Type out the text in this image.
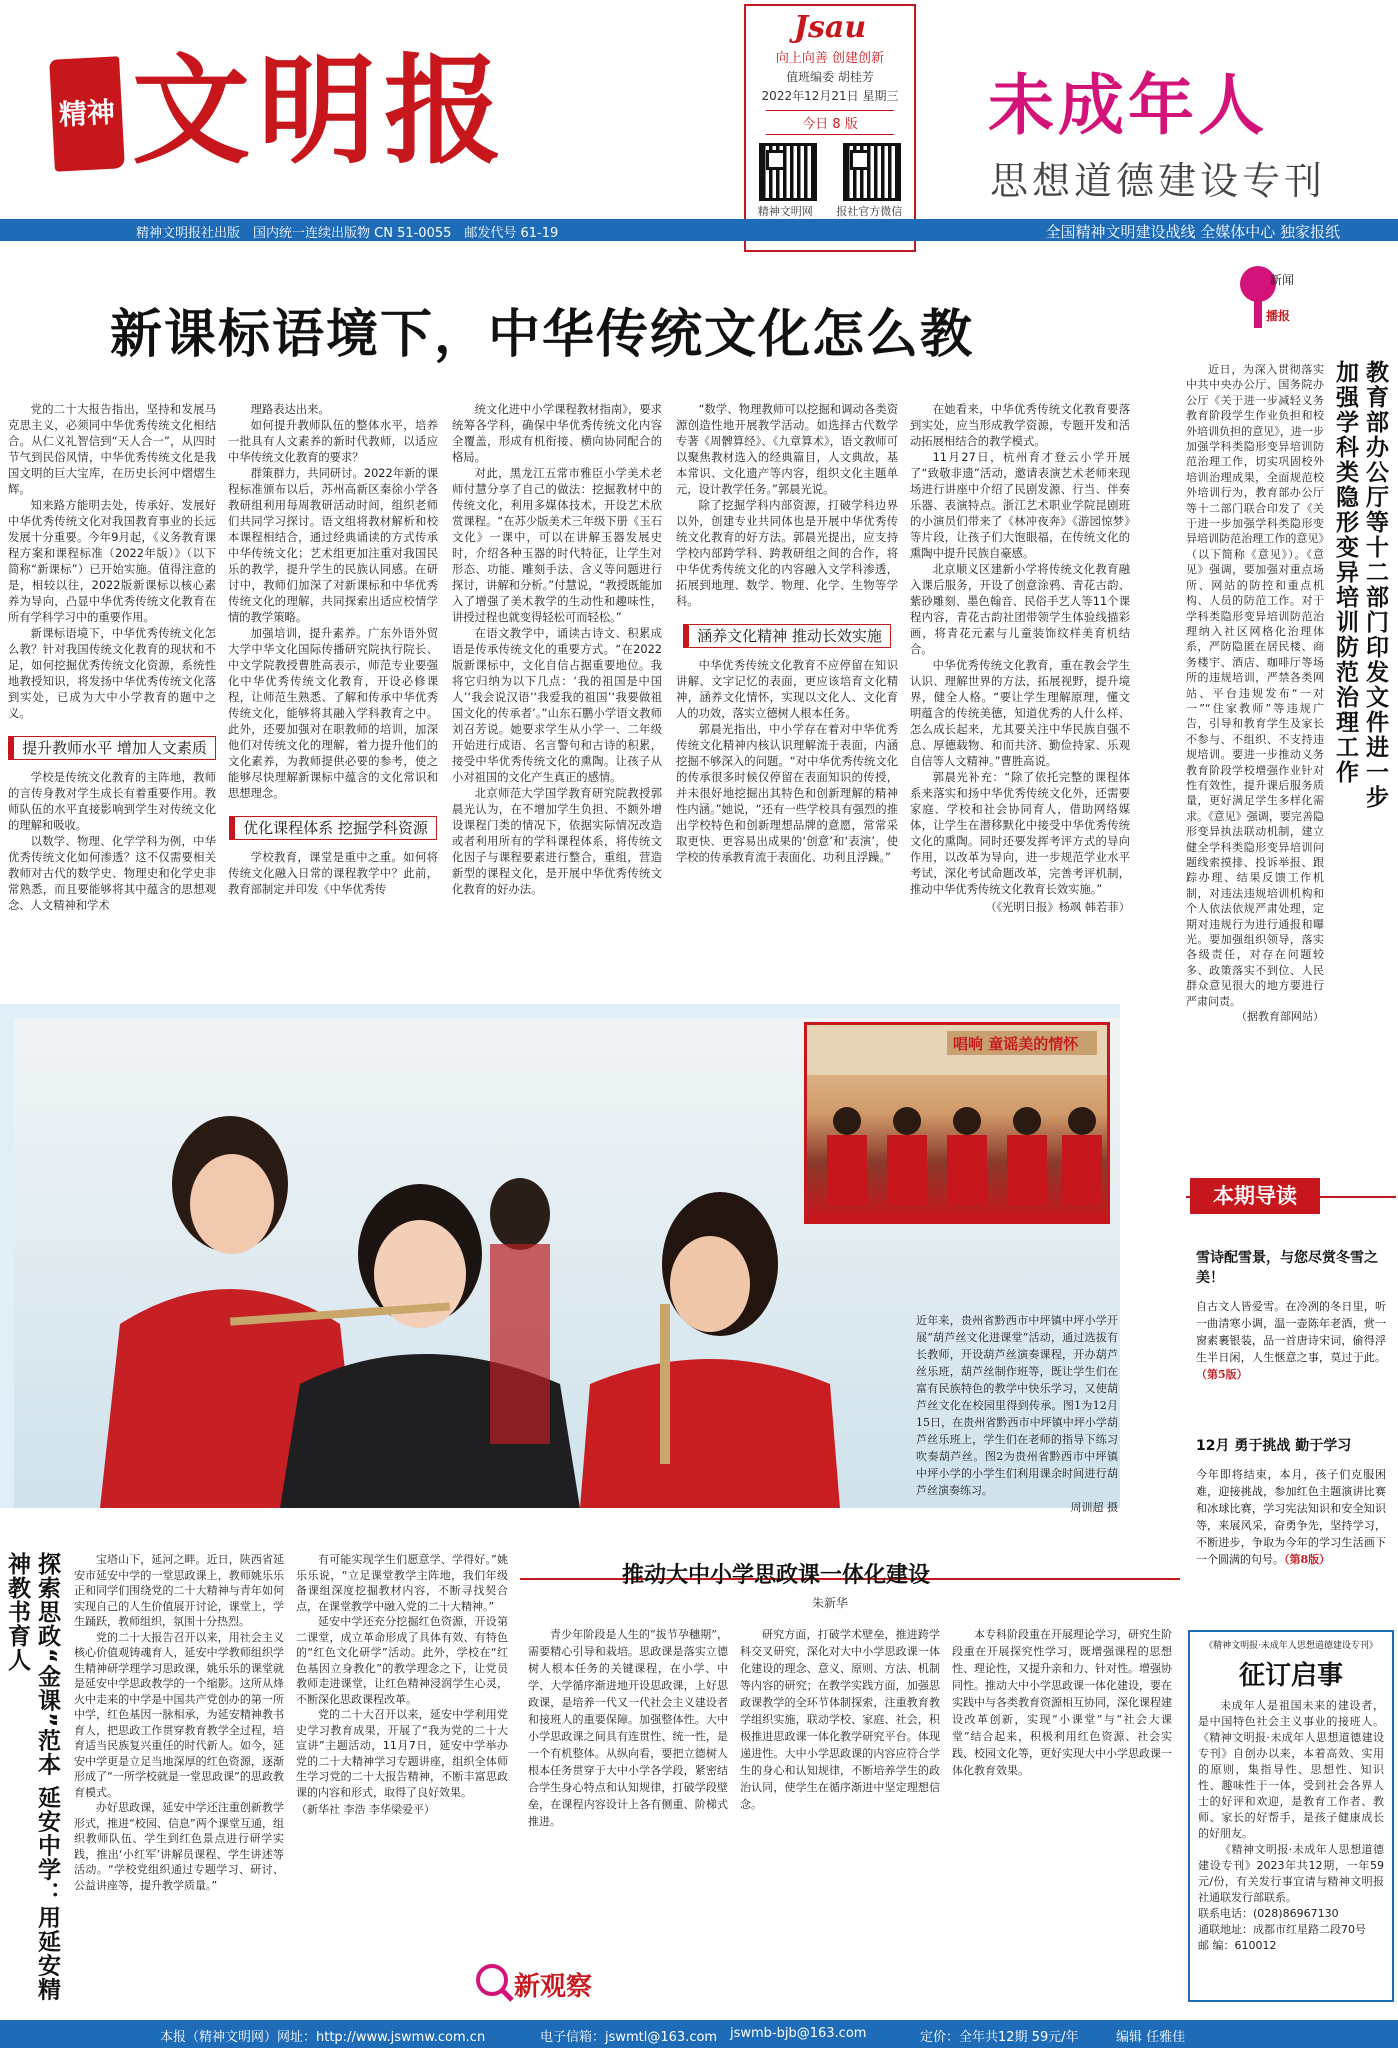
精神 文明报
Jsau
向上向善 创建创新
值班编委 胡桂芳
2022年12月21日 星期三
今日 8 版
精神文明网 报社官方微信
未成年人
思想道德建设专刊
精神文明报社出版　国内统一连续出版物 CN 51-0055　邮发代号 61-19	全国精神文明建设战线 全媒体中心 独家报纸
新课标语境下，中华传统文化怎么教

党的二十大报告指出，坚持和发展马克思主义，必须同中华优秀传统文化相结合。从仁义礼智信到“天人合一”，从四时节气到民俗风情，中华优秀传统文化是我国文明的巨大宝库，在历史长河中熠熠生辉。

知来路方能明去处，传承好、发展好中华优秀传统文化对我国教育事业的长远发展十分重要。今年9月起，《义务教育课程方案和课程标准（2022年版）》（以下简称“新课标”）已开始实施。值得注意的是，相较以往，2022版新课标以核心素养为导向，凸显中华优秀传统文化教育在所有学科学习中的重要作用。

新课标语境下，中华优秀传统文化怎么教？针对我国传统文化教育的现状和不足，如何挖掘优秀传统文化资源，系统性地教授知识，将发扬中华优秀传统文化落到实处，已成为大中小学教育的题中之义。

提升教师水平 增加人文素质

学校是传统文化教育的主阵地，教师的言传身教对学生成长有着重要作用。教师队伍的水平直接影响到学生对传统文化的理解和吸收。

以数学、物理、化学学科为例，中华优秀传统文化如何渗透？这不仅需要相关教师对古代的数学史、物理史和化学史非常熟悉，而且要能够将其中蕴含的思想观念、人文精神和学术

理路表达出来。

如何提升教师队伍的整体水平，培养一批具有人文素养的新时代教师，以适应中华传统文化教育的要求？

群策群力，共同研讨。2022年新的课程标准颁布以后，苏州高新区秦徐小学各教研组利用每周教研活动时间，组织老师们共同学习探讨。语文组将教材解析和校本课程相结合，通过经典诵读的方式传承中华传统文化；艺术组更加注重对我国民乐的教学，提升学生的民族认同感。在研讨中，教师们加深了对新课标和中华优秀传统文化的理解，共同探索出适应校情学情的教学策略。

加强培训，提升素养。广东外语外贸大学中华文化国际传播研究院执行院长、中文学院教授曹胜高表示，师范专业要强化中华优秀传统文化教育，开设必修课程，让师范生熟悉、了解和传承中华优秀传统文化，能够将其融入学科教育之中。此外，还要加强对在职教师的培训，加深他们对传统文化的理解，着力提升他们的文化素养，为教师提供必要的参考，使之能够尽快理解新课标中蕴含的文化常识和思想理念。

优化课程体系 挖掘学科资源

学校教育，课堂是重中之重。如何将传统文化融入日常的课程教学中？此前，教育部制定并印发《中华优秀传

统文化进中小学课程教材指南》，要求统筹各学科，确保中华优秀传统文化内容全覆盖，形成有机衔接、横向协同配合的格局。

对此，黑龙江五常市雅臣小学美术老师付慧分享了自己的做法：挖掘教材中的传统文化，利用多媒体技术，开设艺术欣赏课程。“在苏少版美术三年级下册《玉石文化》一课中，可以在讲解玉器发展史时，介绍各种玉器的时代特征，让学生对形态、功能、雕刻手法、含义等问题进行探讨，讲解和分析。”付慧说，“教授既能加入了增强了美术教学的生动性和趣味性，讲授过程也就变得轻松可而轻松。”

在语文教学中，诵读古诗文、积累成语是传承传统文化的重要方式。“在2022版新课标中，文化自信占据重要地位。我将它归纳为以下几点：‘我的祖国是中国人’‘我会说汉语’‘我爱我的祖国’‘我要做祖国文化的传承者’。”山东石鹏小学语文教师刘召芳说。她要求学生从小学一、二年级开始进行成语、名言警句和古诗的积累，接受中华优秀传统文化的熏陶。让孩子从小对祖国的文化产生真正的感情。

北京师范大学国学教育研究院教授郭晨光认为，在不增加学生负担、不额外增设课程门类的情况下，依据实际情况改造或者利用所有的学科课程体系，将传统文化因子与课程要素进行整合，重组，营造新型的课程文化，是开展中华优秀传统文化教育的好办法。

“数学、物理教师可以挖掘和调动各类资源创造性地开展教学活动。如选择古代数学专著《周髀算经》、《九章算术》，语文教师可以聚焦教材选入的经典篇目，人文典故，基本常识、文化遗产等内容，组织文化主题单元，设计教学任务。”郭晨光说。

除了挖掘学科内部资源，打破学科边界以外，创建专业共同体也是开展中华优秀传统文化教育的好方法。郭晨光提出，应支持学校内部跨学科、跨教研组之间的合作，将中华优秀传统文化的内容融入文学科渗透，拓展到地理、数学、物理、化学、生物等学科。

涵养文化精神 推动长效实施

中华优秀传统文化教育不应停留在知识讲解、文字记忆的表面，更应该培育文化精神，涵养文化情怀，实现以文化人、文化育人的功效，落实立德树人根本任务。

郭晨光指出，中小学存在着对中华优秀传统文化精神内核认识理解流于表面，内涵挖掘不够深入的问题。“对中华优秀传统文化的传承很多时候仅停留在表面知识的传授，并未很好地挖掘出其特色和创新理解的精神性内涵。”她说，“还有一些学校具有强烈的推出学校特色和创新理想品牌的意愿，常常采取更快、更容易出成果的‘创意’和‘表演’，使学校的传承教育流于表面化、功利且浮躁。”

在她看来，中华优秀传统文化教育要落到实处，应当形成教学资源，专题开发和活动拓展相结合的教学模式。

11月27日，杭州育才登云小学开展了“致敬非遗”活动，邀请表演艺术老师来现场进行讲座中介绍了民剧发源、行当、伴奏乐器、表演特点。浙江艺术职业学院昆剧班的小演员们带来了《林冲夜奔》《游园惊梦》等片段，让孩子们大饱眼福，在传统文化的熏陶中提升民族自豪感。

北京顺义区建新小学将传统文化教育融入课后服务，开设了创意涂鸦、青花古韵、紫砂雕刻、墨色翰音、民俗手艺人等11个课程内容，青花古韵社团带领学生体验线描彩画，将青花元素与儿童装饰纹样美育机结合。

中华优秀传统文化教育，重在教会学生认识、理解世界的方法，拓展视野，提升境界，健全人格。“要让学生理解原理，懂文明蕴含的传统美德，知道优秀的人什么样、怎么成长起来，尤其要关注中华民族自强不息、厚德载物、和而共济、勤俭持家、乐观自信等人文精神。”曹胜高说。

郭晨光补充：“除了依托完整的课程体系来落实和扬中华优秀传统文化外，还需要家庭、学校和社会协同育人，借助网络媒体，让学生在潜移默化中接受中华优秀传统文化的熏陶。同时还要发挥考评方式的导向作用，以改革为导向，进一步规范学业水平考试，深化考试命题改革，完善考评机制，推动中华优秀传统文化教育长效实施。”

（《光明日报》杨飒 韩若菲）
新闻
播报
教育部办公厅等十二部门印发文件进一步加强学科类隐形变异培训防范治理工作

近日，为深入贯彻落实中共中央办公厅、国务院办公厅《关于进一步减轻义务教育阶段学生作业负担和校外培训负担的意见》，进一步加强学科类隐形变异培训防范治理工作，切实巩固校外培训治理成果，全面规范校外培训行为，教育部办公厅等十二部门联合印发了《关于进一步加强学科类隐形变异培训防范治理工作的意见》（以下简称《意见》）。《意见》强调，要加强对重点场所、网站的防控和重点机构、人员的防范工作。对于学科类隐形变异培训防范治理纳入社区网格化治理体系，严防隐匿在居民楼、商务楼宇、酒店、咖啡厅等场所的违规培训，严禁各类网站、平台违规发布“一对一”“住家教师”等违规广告，引导和教育学生及家长不参与、不组织、不支持违规培训。要进一步推动义务教育阶段学校增强作业针对性有效性，提升课后服务质量，更好满足学生多样化需求。《意见》强调，要完善隐形变异执法联动机制，建立健全学科类隐形变异培训问题线索摸排、投诉举报、跟踪办理、结果反馈工作机制，对违法违规培训机构和个人依法依规严肃处理，定期对违规行为进行通报和曝光。要加强组织领导，落实各级责任，对存在问题较多、政策落实不到位、人民群众意见很大的地方要进行严肃问责。

（据教育部网站）
唱响 童谣美的情怀
近年来，贵州省黔西市中坪镇中坪小学开展“葫芦丝文化进课堂”活动，通过选拔有长教师，开设葫芦丝演奏课程，开办葫芦丝乐班，葫芦丝制作班等，既让学生们在富有民族特色的教学中快乐学习，又使葫芦丝文化在校园里得到传承。图1为12月15日，在贵州省黔西市中坪镇中坪小学葫芦丝乐班上，学生们在老师的指导下练习吹奏葫芦丝。图2为贵州省黔西市中坪镇中坪小学的小学生们利用课余时间进行葫芦丝演奏练习。
周训超 摄
本期导读
雪诗配雪景，与您尽赏冬雪之美！
自古文人皆爱雪。在冷冽的冬日里，听一曲清寒小调，温一壶陈年老酒，赏一窗素裹银装，品一首唐诗宋词，偷得浮生半日闲，人生惬意之事，莫过于此。（第5版）
12月 勇于挑战 勤于学习
今年即将结束，本月，孩子们克服困难，迎接挑战，参加红色主题演讲比赛和冰球比赛，学习宪法知识和安全知识等，来展风采，奋勇争先，坚持学习，不断进步，争取为今年的学习生活画下一个圆满的句号。（第8版）
《精神文明报·未成年人思想道德建设专刊》
征订启事

未成年人是祖国未来的建设者，是中国特色社会主义事业的接班人。《精神文明报·未成年人思想道德建设专刊》自创办以来，本着高效、实用的原则，集指导性、思想性、知识性、趣味性于一体，受到社会各界人士的好评和欢迎，是教育工作者、教师、家长的好帮手，是孩子健康成长的好朋友。

《精神文明报·未成年人思想道德建设专刊》2023年共12期，一年59元/份，有关发行事宜请与精神文明报社通联发行部联系。

联系电话：(028)86967130
通联地址：成都市红星路二段70号
邮 编：610012
探索思政“金课”范本 延安中学：用延安精神教书育人	宝塔山下，延河之畔。近日，陕西省延安市延安中学的一堂思政课上，教师姚乐乐正和同学们围绕党的二十大精神与青年如何实现自己的人生价值展开讨论，课堂上，学生踊跃，教师组织，氛围十分热烈。

党的二十大报告召开以来，用社会主义核心价值观铸魂育人，延安中学教师组织学生精神研学理学习思政课，姚乐乐的课堂就是延安中学思政教学的一个缩影。这所从烽火中走来的中学是中国共产党创办的第一所中学，红色基因一脉相承，为延安精神教书育人，把思政工作贯穿教育教学全过程，培育适当民族复兴重任的时代新人。如今，延安中学更是立足当地深厚的红色资源，逐渐形成了“一所学校就是一堂思政课”的思政教育模式。

办好思政课，延安中学还注重创新教学形式，推进“校园、信息”两个课堂互通，组织教师队伍、学生到红色景点进行研学实践，推出‘小红军’讲解员课程、学生讲述等活动。“学校党组织通过专题学习、研讨、公益讲座等，提升教学质量。”

有可能实现学生们愿意学、学得好。”姚乐乐说，“立足课堂教学主阵地，我们年级备课组深度挖掘教材内容，不断寻找契合点，在课堂教学中融入党的二十大精神。”

延安中学还充分挖掘红色资源，开设第二课堂，成立革命形成了具体有效、有特色的“红色文化研学”活动。此外，学校在“红色基因立身教化”的教学理念之下，让党员教师走进课堂，让红色精神浸润学生心灵，不断深化思政课程改革。

党的二十大召开以来，延安中学利用党史学习教育成果，开展了“我为党的二十大宣讲”主题活动，11月7日，延安中学举办党的二十大精神学习专题讲座，组织全体师生学习党的二十大报告精神，不断丰富思政课的内容和形式，取得了良好效果。

（新华社 李浩 李华梁爱平）
推动大中小学思政课一体化建设
朱新华

青少年阶段是人生的“拔节孕穗期”，需要精心引导和栽培。思政课是落实立德树人根本任务的关键课程，在小学、中学、大学循序渐进地开设思政课，上好思政课，是培养一代又一代社会主义建设者和接班人的重要保障。加强整体性。大中小学思政课之间具有连贯性、统一性，是一个有机整体。从纵向看，要把立德树人根本任务贯穿于大中小学各学段，紧密结合学生身心特点和认知规律，打破学段壁垒，在课程内容设计上各有侧重、阶梯式推进。

研究方面，打破学术壁垒，推进跨学科交叉研究，深化对大中小学思政课一体化建设的理念、意义、原则、方法、机制等内容的研究；在教学实践方面，加强思政课教学的全环节体制探索，注重教育教学组织实施，联动学校、家庭、社会，积极推进思政课一体化教学研究平台。体现递进性。大中小学思政课的内容应符合学生的身心和认知规律，不断培养学生的政治认同，使学生在循序渐进中坚定理想信念。

本专科阶段重在开展理论学习，研究生阶段重在开展探究性学习，既增强课程的思想性、理论性，又提升亲和力、针对性。增强协同性。推动大中小学思政课一体化建设，要在实践中与各类教育资源相互协同，深化课程建设改革创新，实现“小课堂”与“社会大课堂”结合起来，积极利用红色资源、社会实践、校园文化等，更好实现大中小学思政课一体化教育效果。

新观察
本报（精神文明网）网址：http://www.jswmw.com.cn	电子信箱：jswmtl@163.com jswmb-bjb@163.com	定价：全年共12期 59元/年	编辑 任雅佳
